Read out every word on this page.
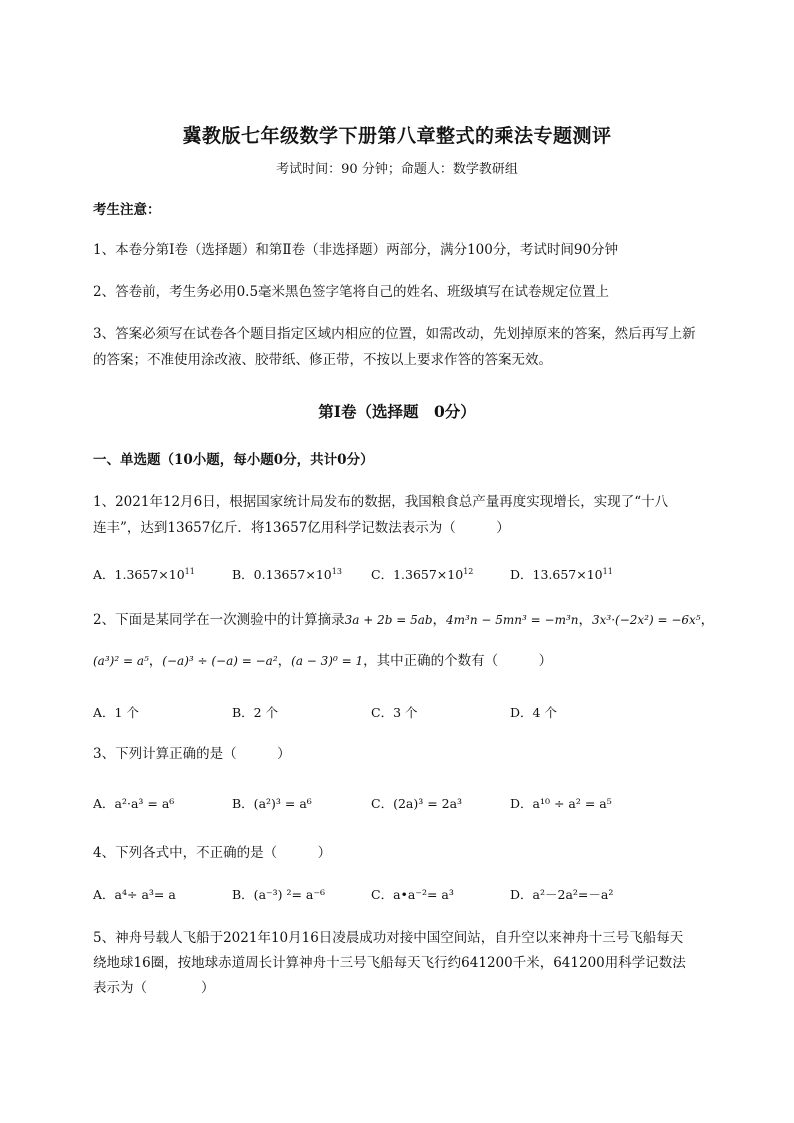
冀教版七年级数学下册第八章整式的乘法专题测评
考试时间：90 分钟；命题人：数学教研组
考生注意：
1、本卷分第Ⅰ卷（选择题）和第Ⅱ卷（非选择题）两部分，满分100分，考试时间90分钟
2、答卷前，考生务必用0.5毫米黑色签字笔将自己的姓名、班级填写在试卷规定位置上
3、答案必须写在试卷各个题目指定区域内相应的位置，如需改动，先划掉原来的答案，然后再写上新
的答案；不准使用涂改液、胶带纸、修正带，不按以上要求作答的答案无效。
第Ⅰ卷（选择题　0分）
一、单选题（10小题，每小题0分，共计0分）
1、2021年12月6日，根据国家统计局发布的数据，我国粮食总产量再度实现增长，实现了“十八
连丰”，达到13657亿斤．将13657亿用科学记数法表示为（　　　）
A．$1.3657\times 10^{11}$	B．$0.13657\times 10^{13}$ C．$1.3657\times 10^{12}$	D．$13.657\times 10^{11}$
2、下面是某同学在一次测验中的计算摘录3a + 2b = 5ab，4m³n − 5mn³ = −m³n，3x³·(−2x²) = −6x⁵，
(a³)² = a⁵，(−a)³ ÷ (−a) = −a²，(a − 3)⁰ = 1，其中正确的个数有（　　　）
A．1 个	B．2 个	C．3 个	D．4 个
3、下列计算正确的是（　　　）
A．a²·a³ = a⁶	B．(a²)³ = a⁶	C．(2a)³ = 2a³	D．a¹⁰ ÷ a² = a⁵
4、下列各式中，不正确的是（　　　）
A．a⁴÷ a³= a	B．(a⁻³) ²= a⁻⁶	C．a•a⁻²= a³	D．a²－2a²=－a²
5、神舟号载人飞船于2021年10月16日凌晨成功对接中国空间站，自升空以来神舟十三号飞船每天
绕地球16圈，按地球赤道周长计算神舟十三号飞船每天飞行约641200千米，641200用科学记数法
表示为（　　　　）
